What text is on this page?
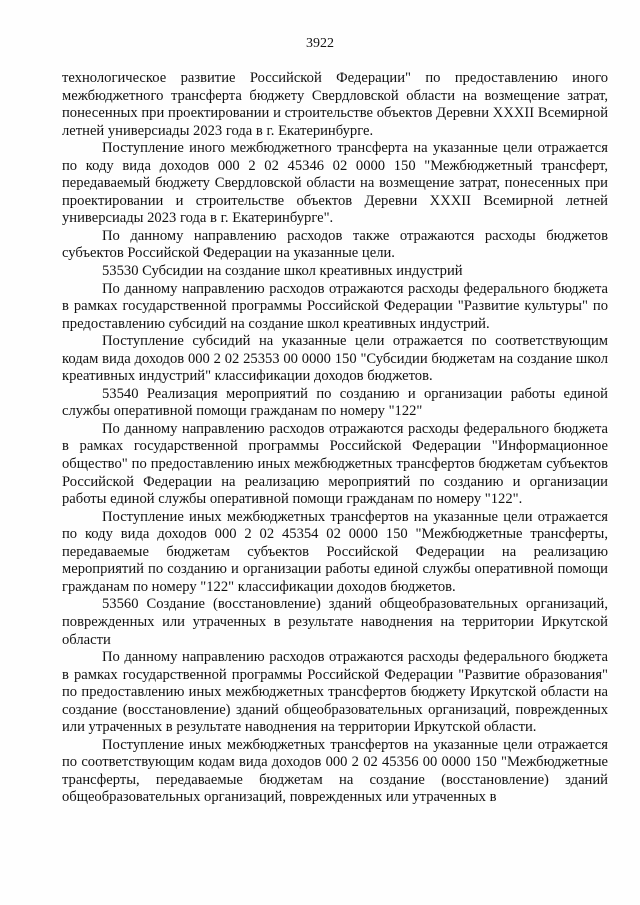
3922

технологическое развитие Российской Федерации" по предоставлению иного межбюджетного трансферта бюджету Свердловской области на возмещение затрат, понесенных при проектировании и строительстве объектов Деревни XXXII Всемирной летней универсиады 2023 года в г. Екатеринбурге.

Поступление иного межбюджетного трансферта на указанные цели отражается по коду вида доходов 000 2 02 45346 02 0000 150 "Межбюджетный трансферт, передаваемый бюджету Свердловской области на возмещение затрат, понесенных при проектировании и строительстве объектов Деревни XXXII Всемирной летней универсиады 2023 года в г. Екатеринбурге".

По данному направлению расходов также отражаются расходы бюджетов субъектов Российской Федерации на указанные цели.

53530 Субсидии на создание школ креативных индустрий

По данному направлению расходов отражаются расходы федерального бюджета в рамках государственной программы Российской Федерации "Развитие культуры" по предоставлению субсидий на создание школ креативных индустрий.

Поступление субсидий на указанные цели отражается по соответствующим кодам вида доходов 000 2 02 25353 00 0000 150 "Субсидии бюджетам на создание школ креативных индустрий" классификации доходов бюджетов.

53540 Реализация мероприятий по созданию и организации работы единой службы оперативной помощи гражданам по номеру "122"

По данному направлению расходов отражаются расходы федерального бюджета в рамках государственной программы Российской Федерации "Информационное общество" по предоставлению иных межбюджетных трансфертов бюджетам субъектов Российской Федерации на реализацию мероприятий по созданию и организации работы единой службы оперативной помощи гражданам по номеру "122".

Поступление иных межбюджетных трансфертов на указанные цели отражается по коду вида доходов 000 2 02 45354 02 0000 150 "Межбюджетные трансферты, передаваемые бюджетам субъектов Российской Федерации на реализацию мероприятий по созданию и организации работы единой службы оперативной помощи гражданам по номеру "122" классификации доходов бюджетов.

53560 Создание (восстановление) зданий общеобразовательных организаций, поврежденных или утраченных в результате наводнения на территории Иркутской области

По данному направлению расходов отражаются расходы федерального бюджета в рамках государственной программы Российской Федерации "Развитие образования" по предоставлению иных межбюджетных трансфертов бюджету Иркутской области на создание (восстановление) зданий общеобразовательных организаций, поврежденных или утраченных в результате наводнения на территории Иркутской области.

Поступление иных межбюджетных трансфертов на указанные цели отражается по соответствующим кодам вида доходов 000 2 02 45356 00 0000 150 "Межбюджетные трансферты, передаваемые бюджетам на создание (восстановление) зданий общеобразовательных организаций, поврежденных или утраченных в
